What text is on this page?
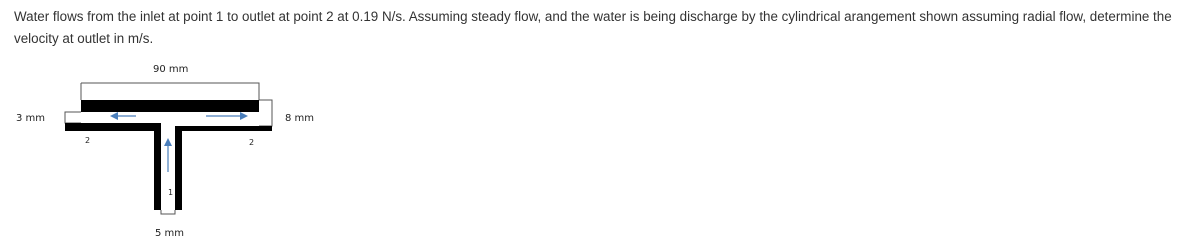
Water flows from the inlet at point 1 to outlet at point 2 at 0.19 N/s. Assuming steady flow, and the water is being discharge by the cylindrical arangement shown assuming radial flow, determine the velocity at outlet in m/s.

90 mm
3 mm	8 mm
5 mm
2	2
1
